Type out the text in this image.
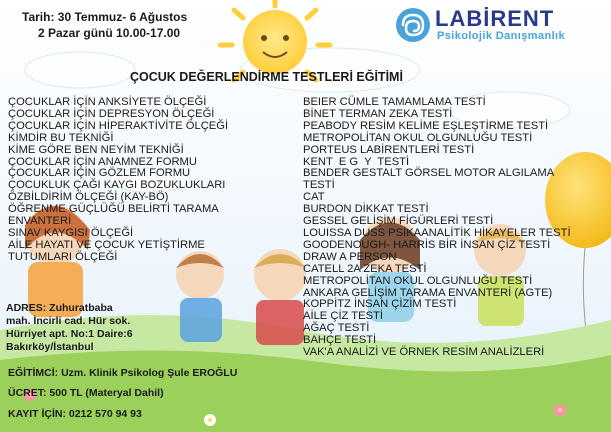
Tarih: 30 Temmuz- 6 Ağustos
2 Pazar günü 10.00-17.00
LABİRENT
Psikolojik Danışmanlık
ÇOCUK DEĞERLENDİRME TESTLERİ EĞİTİMİ
ÇOCUKLAR İÇİN ANKSİYETE ÖLÇEĞİ
ÇOCUKLAR İÇİN DEPRESYON ÖLÇEĞİ
ÇOCUKLAR İÇİN HİPERAKTİVİTE ÖLÇEĞİ
KİMDİR BU TEKNİĞİ
KİME GÖRE BEN NEYİM TEKNİĞİ
ÇOCUKLAR İÇİN ANAMNEZ FORMU
ÇOCUKLAR İÇİN GÖZLEM FORMU
ÇOCUKLUK ÇAĞI KAYGI BOZUKLUKLARI
ÖZBİLDİRİM ÖLÇEĞİ (KAY-BÖ)
ÖĞRENME GÜÇLÜĞÜ BELİRTİ TARAMA
ENVANTERİ
SINAV KAYGISI ÖLÇEĞİ
AİLE HAYATI VE ÇOCUK YETİŞTİRME
TUTUMLARI ÖLÇEĞİ
BEIER CÜMLE TAMAMLAMA TESTİ
BİNET TERMAN ZEKA TESTİ
PEABODY RESİM KELİME EŞLEŞTİRME TESTİ
METROPOLİTAN OKUL OLGUNLUĞU TESTİ
PORTEUS LABİRENTLERİ TESTİ
KENT  E G  Y  TESTİ
BENDER GESTALT GÖRSEL MOTOR ALGILAMA
TESTİ
CAT
BURDON DİKKAT TESTİ
GESSEL GELİŞİM FİGÜRLERİ TESTİ
LOUISSA DUSS PSİKAANALİTİK HİKAYELER TESTİ
GOODENOUGH- HARRİS BİR İNSAN ÇİZ TESTİ
DRAW A PERSON
CATELL 2A ZEKA TESTİ
METROPOLİTAN OKUL OLGUNLUĞU TESTİ
ANKARA GELİŞİM TARAMA ENVANTERİ (AGTE)
KOPPİTZ İNSAN ÇİZİM TESTİ
AİLE ÇİZ TESTİ
AĞAÇ TESTİ
BAHÇE TESTİ
VAK'A ANALİZİ VE ÖRNEK RESİM ANALİZLERİ
ADRES: Zuhuratbaba
mah. İncirli cad. Hür sok.
Hürriyet apt. No:1 Daire:6
Bakırköy/İstanbul
EĞİTİMCİ: Uzm. Klinik Psikolog Şule EROĞLU
ÜCRET: 500 TL (Materyal Dahil)
KAYIT İÇİN: 0212 570 94 93
